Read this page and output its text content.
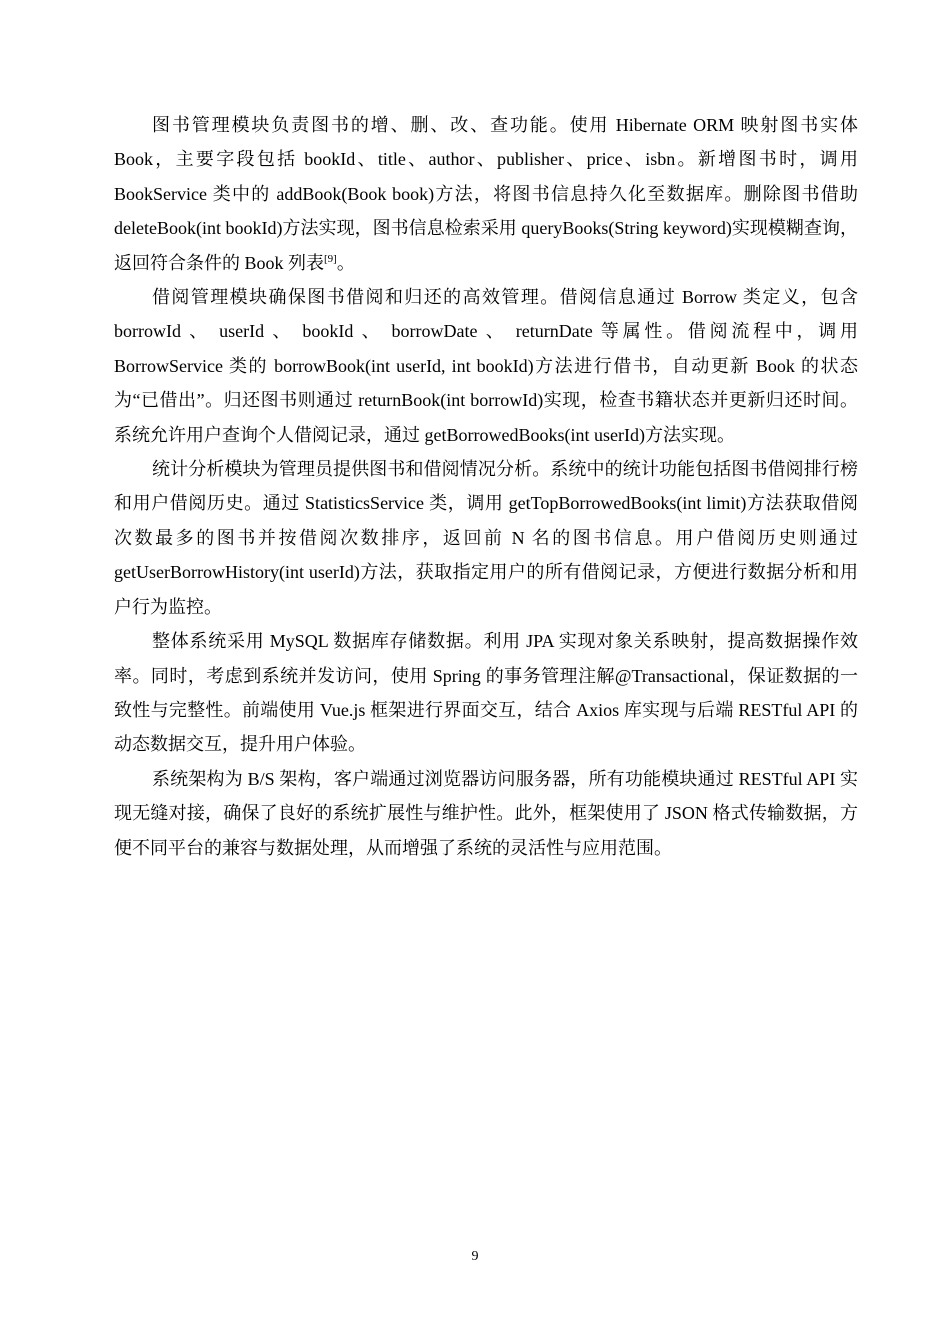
图书管理模块负责图书的增、删、改、查功能。使用 Hibernate ORM 映射图书实体 Book，主要字段包括 bookId、title、author、publisher、price、isbn。新增图书时，调用 BookService 类中的 addBook(Book book)方法，将图书信息持久化至数据库。删除图书借助 deleteBook(int bookId)方法实现，图书信息检索采用 queryBooks(String keyword)实现模糊查询，返回符合条件的 Book 列表[9]。

借阅管理模块确保图书借阅和归还的高效管理。借阅信息通过 Borrow 类定义，包含 borrowId 、 userId 、 bookId 、 borrowDate 、 returnDate 等属性。借阅流程中，调用 BorrowService 类的 borrowBook(int userId, int bookId)方法进行借书，自动更新 Book 的状态为“已借出”。归还图书则通过 returnBook(int borrowId)实现，检查书籍状态并更新归还时间。系统允许用户查询个人借阅记录，通过 getBorrowedBooks(int userId)方法实现。

统计分析模块为管理员提供图书和借阅情况分析。系统中的统计功能包括图书借阅排行榜和用户借阅历史。通过 StatisticsService 类，调用 getTopBorrowedBooks(int limit)方法获取借阅次数最多的图书并按借阅次数排序，返回前 N 名的图书信息。用户借阅历史则通过 getUserBorrowHistory(int userId)方法，获取指定用户的所有借阅记录，方便进行数据分析和用户行为监控。

整体系统采用 MySQL 数据库存储数据。利用 JPA 实现对象关系映射，提高数据操作效率。同时，考虑到系统并发访问，使用 Spring 的事务管理注解@Transactional，保证数据的一致性与完整性。前端使用 Vue.js 框架进行界面交互，结合 Axios 库实现与后端 RESTful API 的动态数据交互，提升用户体验。

系统架构为 B/S 架构，客户端通过浏览器访问服务器，所有功能模块通过 RESTful API 实现无缝对接，确保了良好的系统扩展性与维护性。此外，框架使用了 JSON 格式传输数据，方便不同平台的兼容与数据处理，从而增强了系统的灵活性与应用范围。

9
